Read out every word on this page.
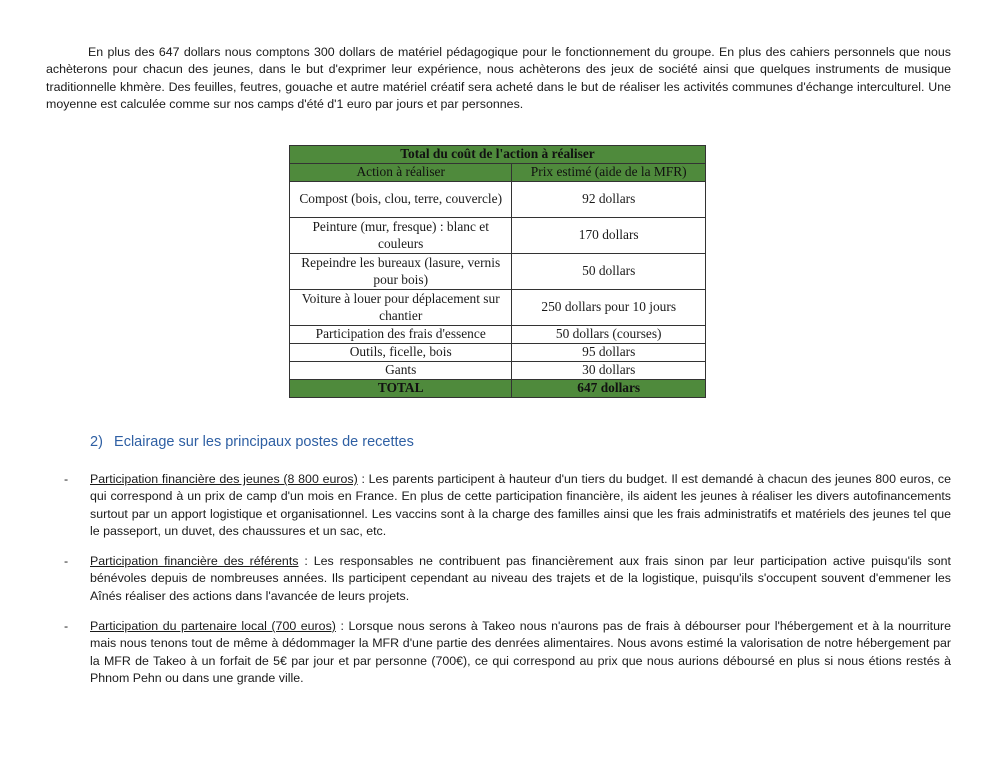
En plus des 647 dollars nous comptons 300 dollars de matériel pédagogique pour le fonctionnement du groupe. En plus des cahiers personnels que nous achèterons pour chacun des jeunes, dans le but d'exprimer leur expérience, nous achèterons des jeux de société ainsi que quelques instruments de musique traditionnelle khmère. Des feuilles, feutres, gouache et autre matériel créatif sera acheté dans le but de réaliser les activités communes d'échange interculturel. Une moyenne est calculée comme sur nos camps d'été d'1 euro par jours et par personnes.

Total du coût de l'action à réaliser	
Action à réaliser	Prix estimé (aide de la MFR)
Compost (bois, clou, terre, couvercle)	92 dollars
Peinture (mur, fresque) : blanc et couleurs	170 dollars
Repeindre les bureaux (lasure, vernis pour bois)	50 dollars
Voiture à louer pour déplacement sur chantier	250 dollars pour 10 jours
Participation des frais d'essence	50 dollars (courses)
Outils, ficelle, bois	95 dollars
Gants	30 dollars
TOTAL	647 dollars
2) Eclairage sur les principaux postes de recettes

- Participation financière des jeunes (8 800 euros) : Les parents participent à hauteur d'un tiers du budget. Il est demandé à chacun des jeunes 800 euros, ce qui correspond à un prix de camp d'un mois en France. En plus de cette participation financière, ils aident les jeunes à réaliser les divers autofinancements surtout par un apport logistique et organisationnel. Les vaccins sont à la charge des familles ainsi que les frais administratifs et matériels des jeunes tel que le passeport, un duvet, des chaussures et un sac, etc.

- Participation financière des référents : Les responsables ne contribuent pas financièrement aux frais sinon par leur participation active puisqu'ils sont bénévoles depuis de nombreuses années. Ils participent cependant au niveau des trajets et de la logistique, puisqu'ils s'occupent souvent d'emmener les Aînés réaliser des actions dans l'avancée de leurs projets.

- Participation du partenaire local (700 euros) : Lorsque nous serons à Takeo nous n'aurons pas de frais à débourser pour l'hébergement et à la nourriture mais nous tenons tout de même à dédommager la MFR d'une partie des denrées alimentaires. Nous avons estimé la valorisation de notre hébergement par la MFR de Takeo à un forfait de 5€ par jour et par personne (700€), ce qui correspond au prix que nous aurions déboursé en plus si nous étions restés à Phnom Pehn ou dans une grande ville.
